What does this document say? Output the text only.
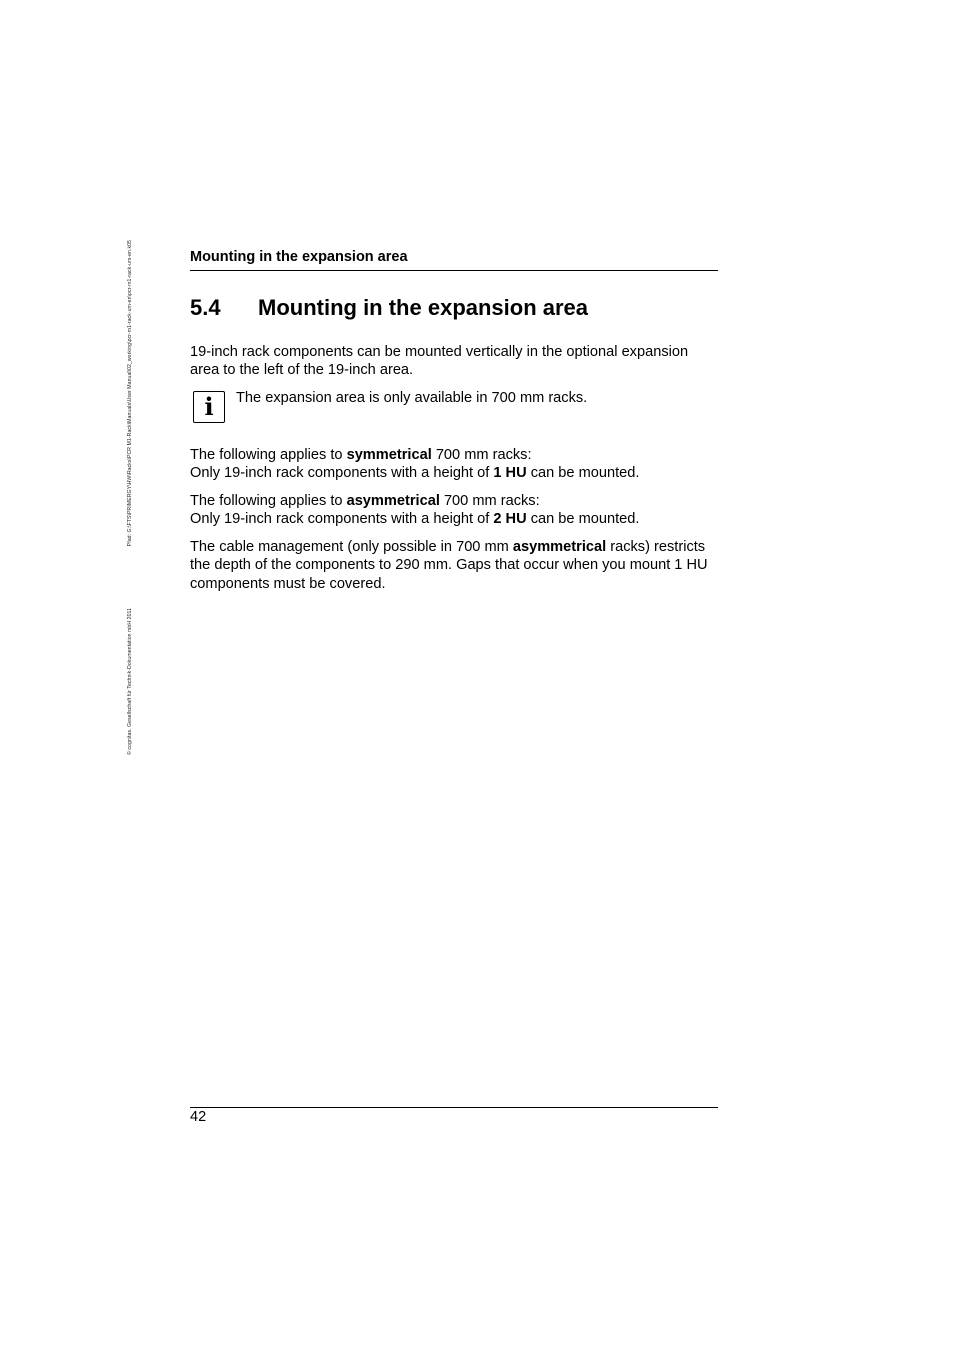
© cognitas. Gesellschaft für Technik-Dokumentation mbH 2011
Pfad: G:\FTS\PRIMERGY\HW\Racks\PCR M1-Rack\Manuals\User Manual\02_working\pcr-m1-rack-um-en\pcr-m1-rack-um-en.k05	Mounting in the expansion area
5.4 Mounting in the expansion area
19-inch rack components can be mounted vertically in the optional expansion area to the left of the 19-inch area.
i	The expansion area is only available in 700 mm racks.
The following applies to symmetrical 700 mm racks:
Only 19-inch rack components with a height of 1 HU can be mounted.
The following applies to asymmetrical 700 mm racks:
Only 19-inch rack components with a height of 2 HU can be mounted.
The cable management (only possible in 700 mm asymmetrical racks) restricts the depth of the components to 290 mm. Gaps that occur when you mount 1 HU components must be covered.
42
